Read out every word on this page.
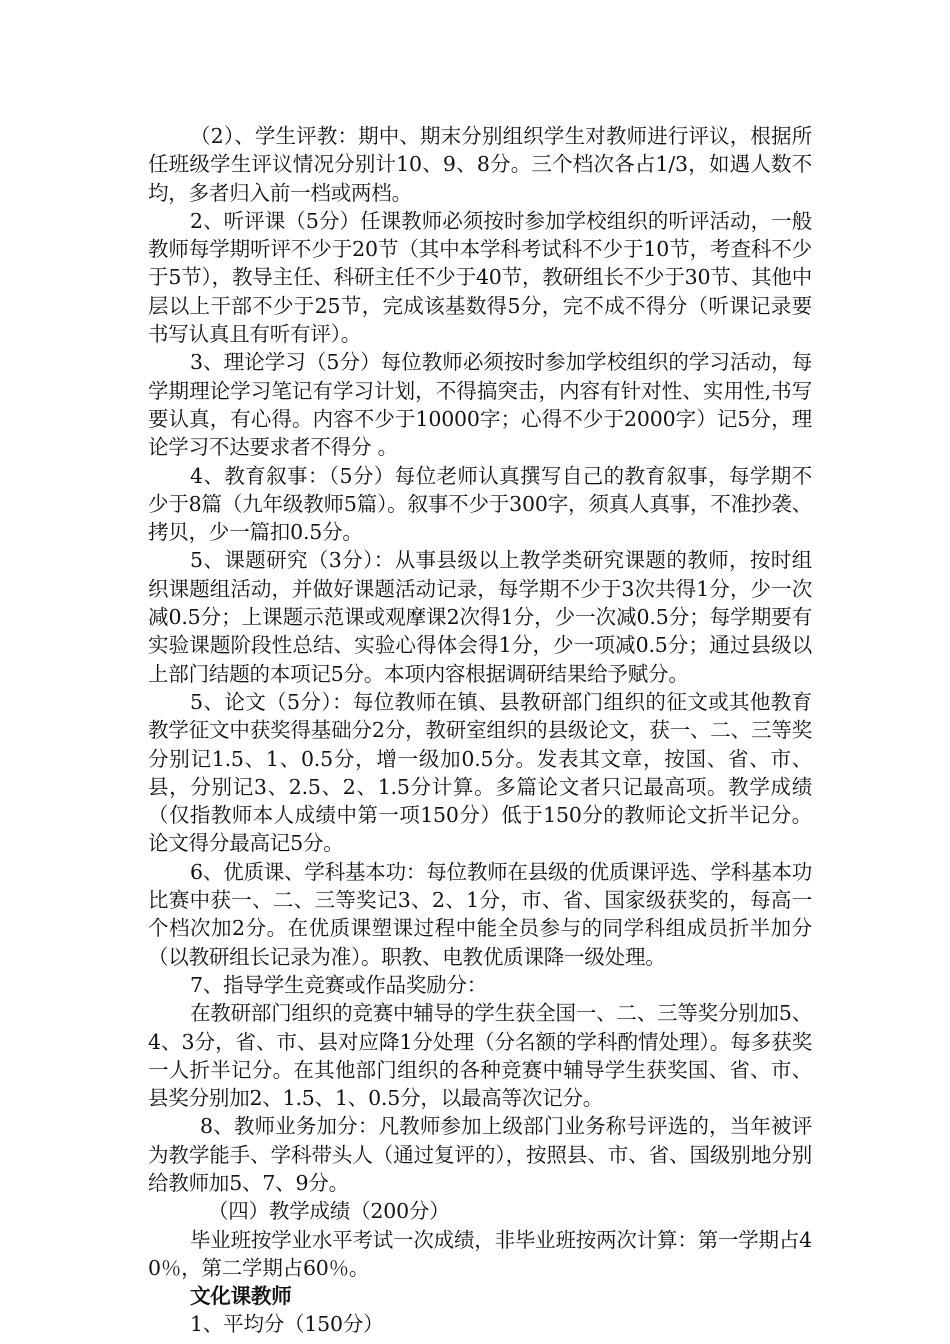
（2）、学生评教：期中、期末分别组织学生对教师进行评议，根据所任班级学生评议情况分别计10、9、8分。三个档次各占1/3，如遇人数不均，多者归入前一档或两档。

2、听评课（5分）任课教师必须按时参加学校组织的听评活动，一般教师每学期听评不少于20节（其中本学科考试科不少于10节，考查科不少于5节），教导主任、科研主任不少于40节，教研组长不少于30节、其他中层以上干部不少于25节，完成该基数得5分，完不成不得分（听课记录要书写认真且有听有评）。

3、理论学习（5分）每位教师必须按时参加学校组织的学习活动，每学期理论学习笔记有学习计划，不得搞突击，内容有针对性、实用性,书写要认真，有心得。内容不少于10000字；心得不少于2000字）记5分，理论学习不达要求者不得分 。

4、教育叙事：（5分）每位老师认真撰写自己的教育叙事，每学期不少于8篇（九年级教师5篇）。叙事不少于300字，须真人真事，不准抄袭、拷贝，少一篇扣0.5分。

5、课题研究（3分）：从事县级以上教学类研究课题的教师，按时组织课题组活动，并做好课题活动记录，每学期不少于3次共得1分，少一次减0.5分；上课题示范课或观摩课2次得1分，少一次减0.5分；每学期要有实验课题阶段性总结、实验心得体会得1分，少一项减0.5分；通过县级以上部门结题的本项记5分。本项内容根据调研结果给予赋分。

5、论文（5分）：每位教师在镇、县教研部门组织的征文或其他教育教学征文中获奖得基础分2分，教研室组织的县级论文，获一、二、三等奖分别记1.5、1、0.5分，增一级加0.5分。发表其文章，按国、省、市、县，分别记3、2.5、2、1.5分计算。多篇论文者只记最高项。教学成绩（仅指教师本人成绩中第一项150分）低于150分的教师论文折半记分。论文得分最高记5分。

6、优质课、学科基本功：每位教师在县级的优质课评选、学科基本功比赛中获一、二、三等奖记3、2、1分，市、省、国家级获奖的，每高一个档次加2分。在优质课塑课过程中能全员参与的同学科组成员折半加分（以教研组长记录为准）。职教、电教优质课降一级处理。

7、指导学生竞赛或作品奖励分：

在教研部门组织的竞赛中辅导的学生获全国一、二、三等奖分别加5、4、3分，省、市、县对应降1分处理（分名额的学科酌情处理）。每多获奖一人折半记分。在其他部门组织的各种竞赛中辅导学生获奖国、省、市、县奖分别加2、1.5、1、0.5分，以最高等次记分。

8、教师业务加分：凡教师参加上级部门业务称号评选的，当年被评为教学能手、学科带头人（通过复评的），按照县、市、省、国级别地分别给教师加5、7、9分。

（四）教学成绩（200分）

毕业班按学业水平考试一次成绩，非毕业班按两次计算：第一学期占40％，第二学期占60％。

文化课教师

1、平均分（150分）
